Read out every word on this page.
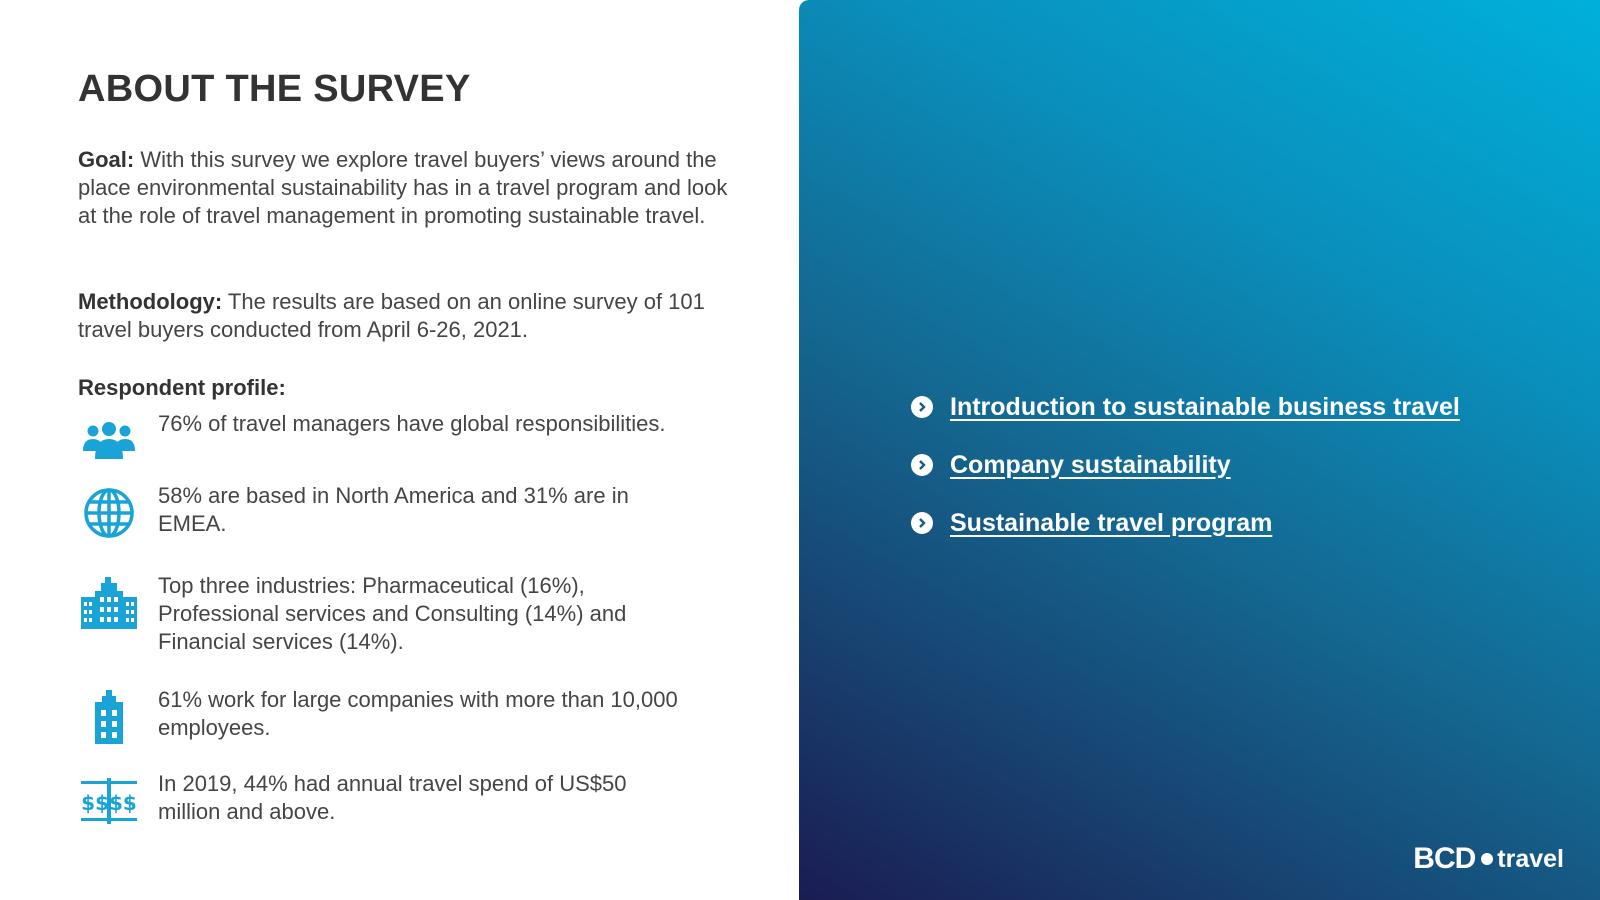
ABOUT THE SURVEY

Goal: With this survey we explore travel buyers’ views around the place environmental sustainability has in a travel program and look at the role of travel management in promoting sustainable travel.

Methodology: The results are based on an online survey of 101 travel buyers conducted from April 6-26, 2021.

Respondent profile:

76% of travel managers have global responsibilities.
58% are based in North America and 31% are in EMEA.
Top three industries: Pharmaceutical (16%), Professional services and Consulting (14%) and Financial services (14%).
61% work for large companies with more than 10,000 employees.
$$$$
In 2019, 44% had annual travel spend of US$50 million and above.
Introduction to sustainable business travel
Company sustainability
Sustainable travel program
BCD travel
